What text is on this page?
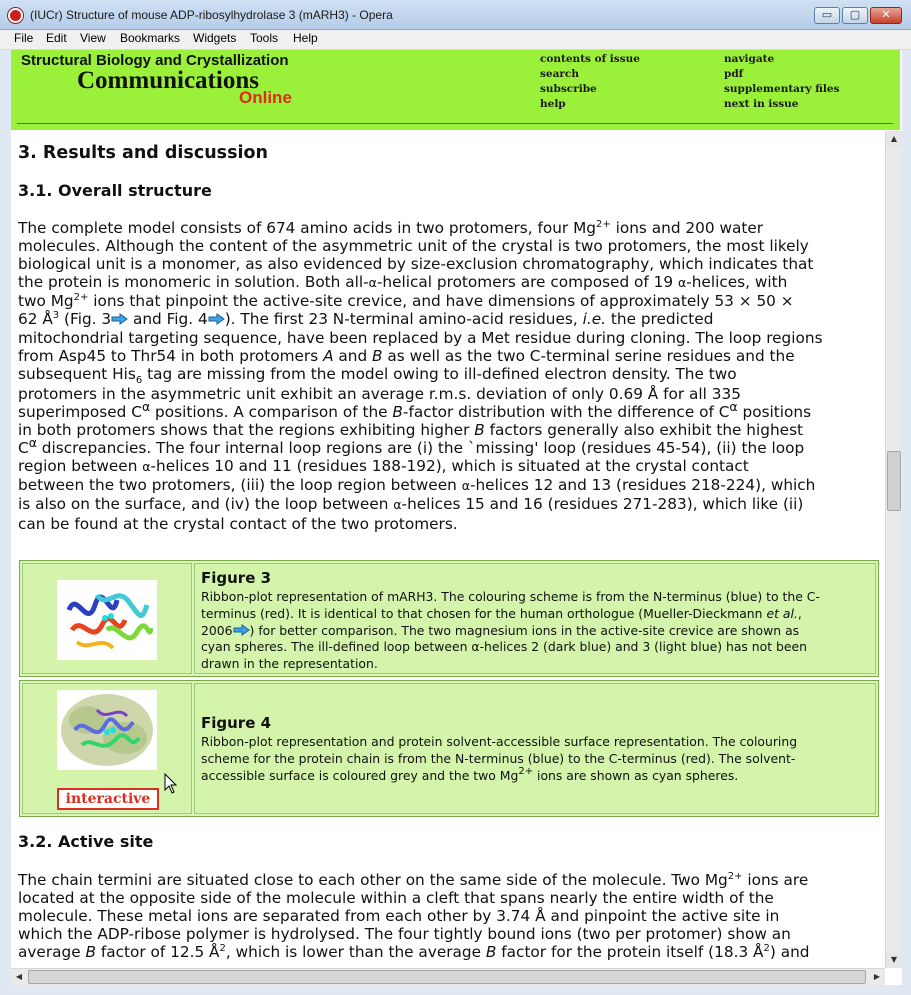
(IUCr) Structure of mouse ADP-ribosylhydrolase 3 (mARH3) - Opera	▭	▢	✕
File Edit View Bookmarks Widgets Tools Help
Structural Biology and Crystallization
Communications
Online
contents of issue
search
subscribe
help
navigate
pdf
supplementary files
next in issue
3. Results and discussion
3.1. Overall structure
The complete model consists of 674 amino acids in two protomers, four $Mg^{2+}$ ions and 200 water
molecules. Although the content of the asymmetric unit of the crystal is two protomers, the most likely
biological unit is a monomer, as also evidenced by size-exclusion chromatography, which indicates that
the protein is monomeric in solution. Both all-α-helical protomers are composed of 19 α-helices, with
two $Mg^{2+}$ ions that pinpoint the active-site crevice, and have dimensions of approximately 53 × 50 ×
62 $Å^3$ (Fig. 3 and Fig. 4 ). The first 23 N-terminal amino-acid residues, i.e. the predicted
mitochondrial targeting sequence, have been replaced by a Met residue during cloning. The loop regions
from Asp45 to Thr54 in both protomers A and B as well as the two C-terminal serine residues and the
subsequent His$_6$ tag are missing from the model owing to ill-defined electron density. The two
protomers in the asymmetric unit exhibit an average r.m.s. deviation of only 0.69 Å for all 335
superimposed $C^\alpha$ positions. A comparison of the B-factor distribution with the difference of $C^\alpha$ positions
in both protomers shows that the regions exhibiting higher B factors generally also exhibit the highest
$C^\alpha$ discrepancies. The four internal loop regions are (i) the `missing' loop (residues 45-54), (ii) the loop
region between α-helices 10 and 11 (residues 188-192), which is situated at the crystal contact
between the two protomers, (iii) the loop region between α-helices 12 and 13 (residues 218-224), which
is also on the surface, and (iv) the loop between α-helices 15 and 16 (residues 271-283), which like (ii)
can be found at the crystal contact of the two protomers.
Figure 3
Ribbon-plot representation of mARH3. The colouring scheme is from the N-terminus (blue) to the C-
terminus (red). It is identical to that chosen for the human orthologue (Mueller-Dieckmann et al.,
2006 ) for better comparison. The two magnesium ions in the active-site crevice are shown as
cyan spheres. The ill-defined loop between α-helices 2 (dark blue) and 3 (light blue) has not been
drawn in the representation.
interactive
Figure 4
Ribbon-plot representation and protein solvent-accessible surface representation. The colouring
scheme for the protein chain is from the N-terminus (blue) to the C-terminus (red). The solvent-
accessible surface is coloured grey and the two $Mg^{2+}$ ions are shown as cyan spheres.
3.2. Active site
The chain termini are situated close to each other on the same side of the molecule. Two $Mg^{2+}$ ions are
located at the opposite side of the molecule within a cleft that spans nearly the entire width of the
molecule. These metal ions are separated from each other by 3.74 Å and pinpoint the active site in
which the ADP-ribose polymer is hydrolysed. The four tightly bound ions (two per protomer) show an
average B factor of 12.5 $Å^2$, which is lower than the average B factor for the protein itself (18.3 $Å^2$) and
▲
▼
◀	▶
